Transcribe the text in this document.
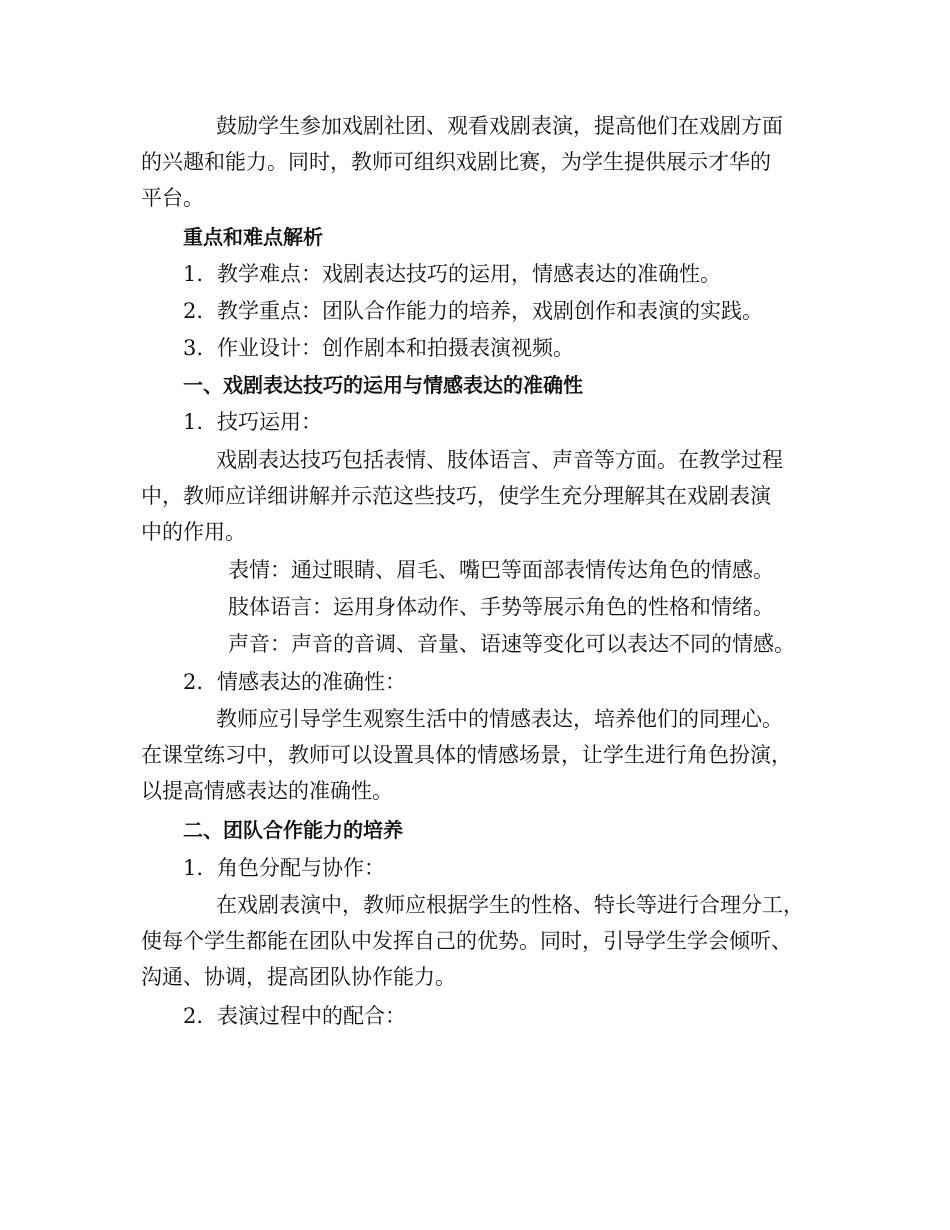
鼓励学生参加戏剧社团、观看戏剧表演，提高他们在戏剧方面
的兴趣和能力。同时，教师可组织戏剧比赛，为学生提供展示才华的
平台。
重点和难点解析
1. 教学难点：戏剧表达技巧的运用，情感表达的准确性。
2. 教学重点：团队合作能力的培养，戏剧创作和表演的实践。
3. 作业设计：创作剧本和拍摄表演视频。
一、戏剧表达技巧的运用与情感表达的准确性
1. 技巧运用：
戏剧表达技巧包括表情、肢体语言、声音等方面。在教学过程
中，教师应详细讲解并示范这些技巧，使学生充分理解其在戏剧表演
中的作用。
表情：通过眼睛、眉毛、嘴巴等面部表情传达角色的情感。
肢体语言：运用身体动作、手势等展示角色的性格和情绪。
声音：声音的音调、音量、语速等变化可以表达不同的情感。
2. 情感表达的准确性：
教师应引导学生观察生活中的情感表达，培养他们的同理心。
在课堂练习中，教师可以设置具体的情感场景，让学生进行角色扮演，
以提高情感表达的准确性。
二、团队合作能力的培养
1. 角色分配与协作：
在戏剧表演中，教师应根据学生的性格、特长等进行合理分工，
使每个学生都能在团队中发挥自己的优势。同时，引导学生学会倾听、
沟通、协调，提高团队协作能力。
2. 表演过程中的配合：
